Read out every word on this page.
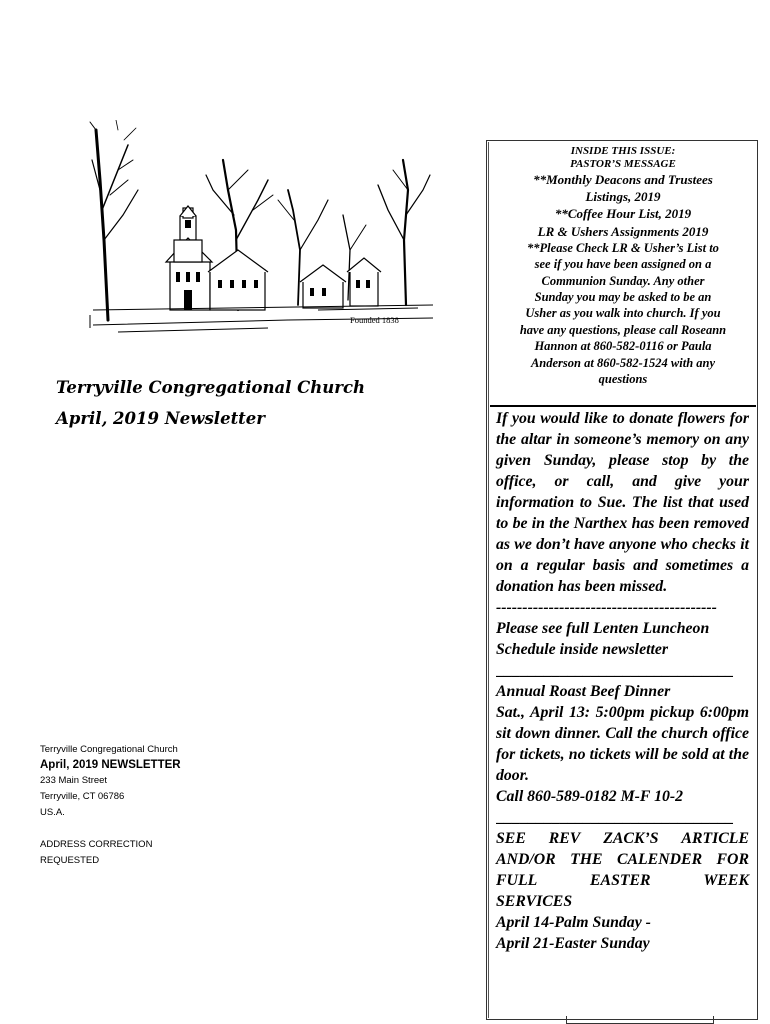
Founded 1838
Terryville Congregational Church
April, 2019 Newsletter
Terryville Congregational Church
April, 2019 NEWSLETTER
233 Main Street
Terryville, CT 06786
US.A.
ADDRESS CORRECTION
REQUESTED
INSIDE THIS ISSUE:
PASTOR’S MESSAGE
**Monthly Deacons and Trustees
Listings, 2019
**Coffee Hour List, 2019
LR & Ushers Assignments 2019
**Please Check LR & Usher’s List to
see if you have been assigned on a
Communion Sunday. Any other
Sunday you may be asked to be an
Usher as you walk into church. If you
have any questions, please call Roseann
Hannon at 860-582-0116 or Paula
Anderson at 860-582-1524 with any
questions

If you would like to donate flowers for the altar in someone’s memory on any given Sunday, please stop by the office, or call, and give your information to Sue. The list that used to be in the Narthex has been removed as we don’t have anyone who checks it on a regular basis and sometimes a donation has been missed.

------------------------------------------

Please see full Lenten Luncheon Schedule inside newsletter

______________________________

Annual Roast Beef Dinner

Sat., April 13: 5:00pm pickup 6:00pm sit down dinner. Call the church office for tickets, no tickets will be sold at the door.

Call 860-589-0182 M-F 10-2

______________________________
SEE REV ZACK’S ARTICLE
AND/OR THE CALENDER FOR
FULL	EASTER	WEEK
SERVICES
April 14-Palm Sunday -
April 21-Easter Sunday
